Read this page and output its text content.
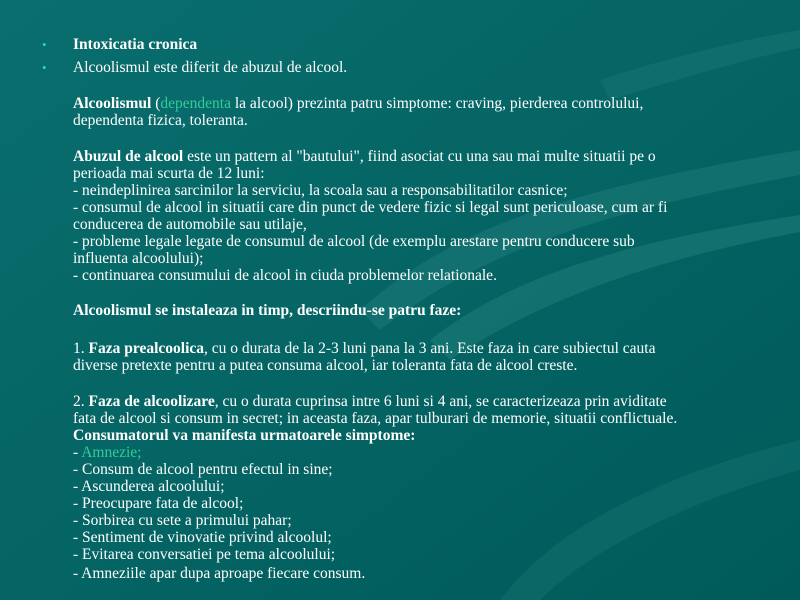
•	Intoxicatia cronica
•	Alcoolismul este diferit de abuzul de alcool.
Alcoolismul (dependenta la alcool) prezinta patru simptome: craving, pierderea controlului,
dependenta fizica, toleranta.
Abuzul de alcool este un pattern al "bautului", fiind asociat cu una sau mai multe situatii pe o
perioada mai scurta de 12 luni:
- neindeplinirea sarcinilor la serviciu, la scoala sau a responsabilitatilor casnice;
- consumul de alcool in situatii care din punct de vedere fizic si legal sunt periculoase, cum ar fi
conducerea de automobile sau utilaje,
- probleme legale legate de consumul de alcool (de exemplu arestare pentru conducere sub
influenta alcoolului);
- continuarea consumului de alcool in ciuda problemelor relationale.
Alcoolismul se instaleaza in timp, descriindu-se patru faze:
1. Faza prealcoolica, cu o durata de la 2-3 luni pana la 3 ani. Este faza in care subiectul cauta
diverse pretexte pentru a putea consuma alcool, iar toleranta fata de alcool creste.
2. Faza de alcoolizare, cu o durata cuprinsa intre 6 luni si 4 ani, se caracterizeaza prin aviditate
fata de alcool si consum in secret; in aceasta faza, apar tulburari de memorie, situatii conflictuale.
Consumatorul va manifesta urmatoarele simptome:
- Amnezie;
- Consum de alcool pentru efectul in sine;
- Ascunderea alcoolului;
- Preocupare fata de alcool;
- Sorbirea cu sete a primului pahar;
- Sentiment de vinovatie privind alcoolul;
- Evitarea conversatiei pe tema alcoolului;
- Amneziile apar dupa aproape fiecare consum.
